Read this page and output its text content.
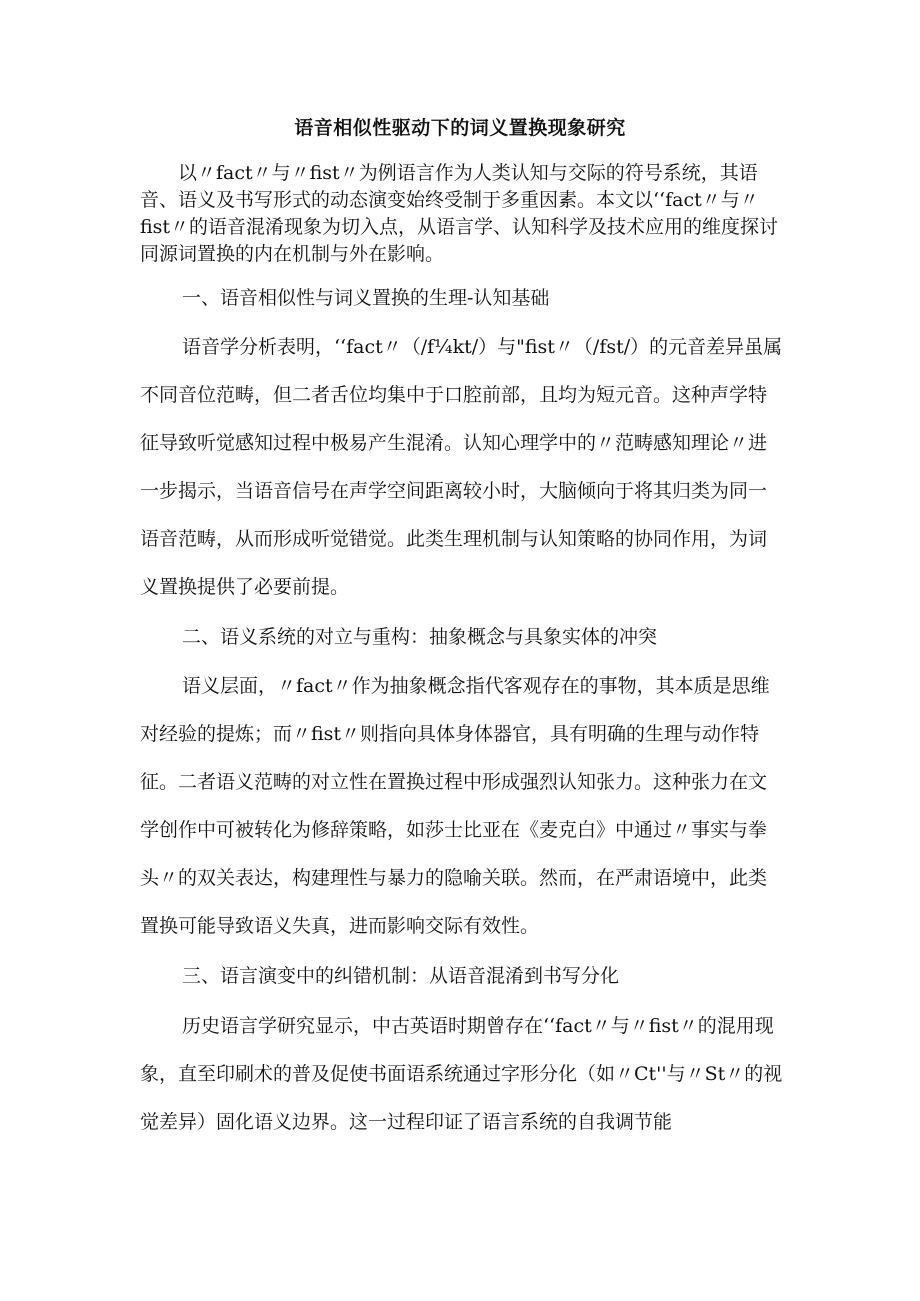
语音相似性驱动下的词义置换现象研究

以〃fact〃与〃fist〃为例语言作为人类认知与交际的符号系统，其语音、语义及书写形式的动态演变始终受制于多重因素。本文以‘‘fact〃与〃fist〃的语音混淆现象为切入点，从语言学、认知科学及技术应用的维度探讨同源词置换的内在机制与外在影响。

一、语音相似性与词义置换的生理-认知基础

语音学分析表明，‘‘fact〃（/f¼kt∕）与"fist〃（/fst∕）的元音差异虽属不同音位范畴，但二者舌位均集中于口腔前部，且均为短元音。这种声学特征导致听觉感知过程中极易产生混淆。认知心理学中的〃范畴感知理论〃进一步揭示，当语音信号在声学空间距离较小时，大脑倾向于将其归类为同一语音范畴，从而形成听觉错觉。此类生理机制与认知策略的协同作用，为词义置换提供了必要前提。

二、语义系统的对立与重构：抽象概念与具象实体的冲突

语义层面，〃fact〃作为抽象概念指代客观存在的事物，其本质是思维对经验的提炼；而〃fist〃则指向具体身体器官，具有明确的生理与动作特征。二者语义范畴的对立性在置换过程中形成强烈认知张力。这种张力在文学创作中可被转化为修辞策略，如莎士比亚在《麦克白》中通过〃事实与拳头〃的双关表达，构建理性与暴力的隐喻关联。然而，在严肃语境中，此类置换可能导致语义失真，进而影响交际有效性。

三、语言演变中的纠错机制：从语音混淆到书写分化

历史语言学研究显示，中古英语时期曾存在‘‘fact〃与〃fist〃的混用现象，直至印刷术的普及促使书面语系统通过字形分化（如〃Ct''与〃St〃的视觉差异）固化语义边界。这一过程印证了语言系统的自我调节能
